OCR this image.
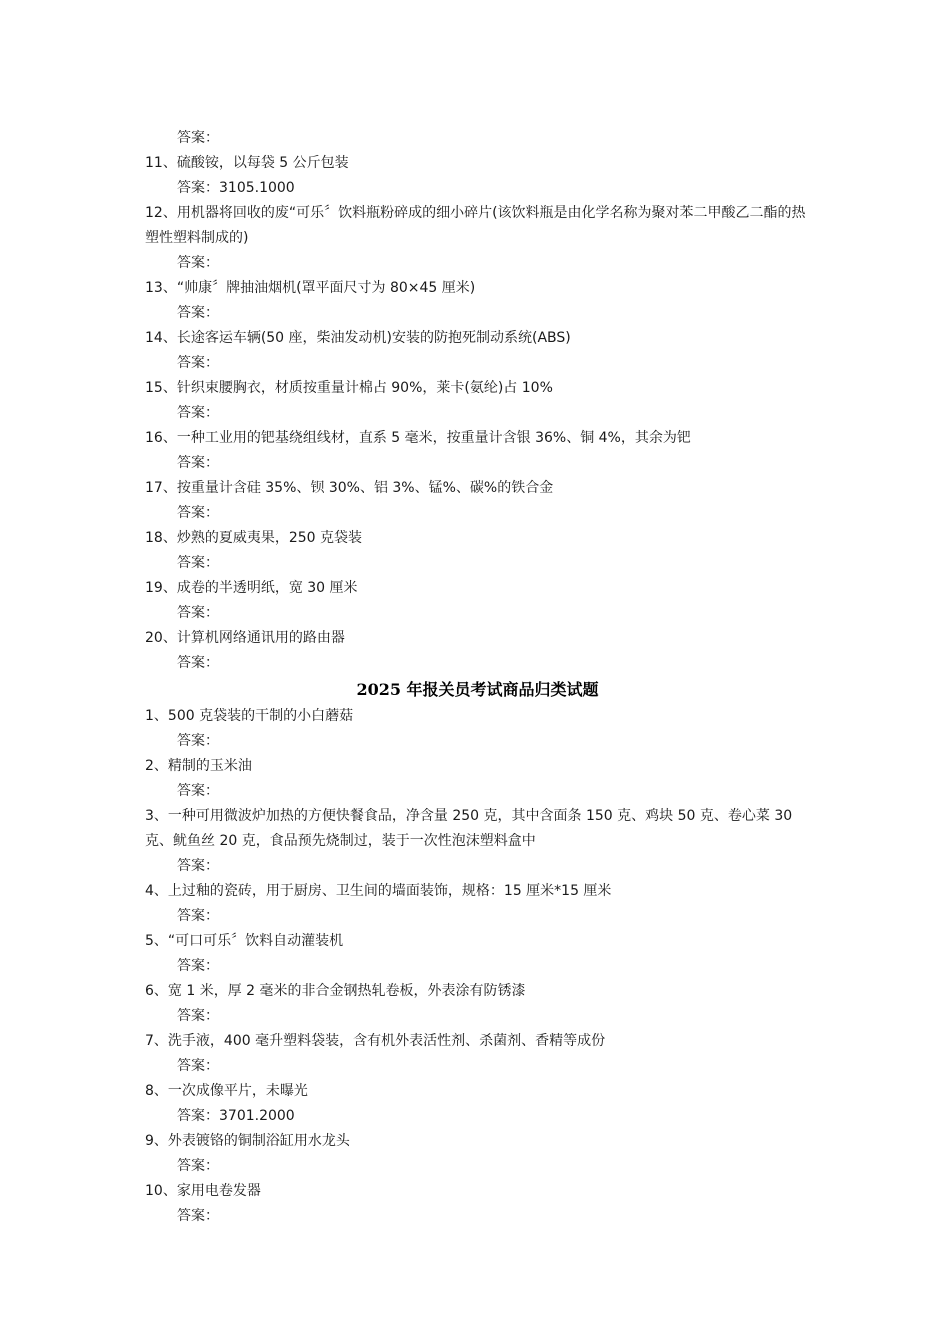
答案：
11、硫酸铵，以每袋 5 公斤包装
答案：3105.1000
12、用机器将回收的废“可乐〞饮料瓶粉碎成的细小碎片(该饮料瓶是由化学名称为聚对苯二甲酸乙二酯的热塑性塑料制成的)
答案：
13、“帅康〞牌抽油烟机(罩平面尺寸为 80×45 厘米)
答案：
14、长途客运车辆(50 座，柴油发动机)安装的防抱死制动系统(ABS)
答案：
15、针织束腰胸衣，材质按重量计棉占 90%，莱卡(氨纶)占 10%
答案：
16、一种工业用的钯基绕组线材，直系 5 毫米，按重量计含银 36%、铜 4%，其余为钯
答案：
17、按重量计含硅 35%、钡 30%、铝 3%、锰%、碳%的铁合金
答案：
18、炒熟的夏威夷果，250 克袋装
答案：
19、成卷的半透明纸，宽 30 厘米
答案：
20、计算机网络通讯用的路由器
答案：
2025 年报关员考试商品归类试题
1、500 克袋装的干制的小白蘑菇
答案：
2、精制的玉米油
答案：
3、一种可用微波炉加热的方便快餐食品，净含量 250 克，其中含面条 150 克、鸡块 50 克、卷心菜 30 克、鱿鱼丝 20 克，食品预先烧制过，装于一次性泡沫塑料盒中
答案：
4、上过釉的瓷砖，用于厨房、卫生间的墙面装饰，规格：15 厘米*15 厘米
答案：
5、“可口可乐〞饮料自动灌装机
答案：
6、宽 1 米，厚 2 毫米的非合金钢热轧卷板，外表涂有防锈漆
答案：
7、洗手液，400 毫升塑料袋装，含有机外表活性剂、杀菌剂、香精等成份
答案：
8、一次成像平片，未曝光
答案：3701.2000
9、外表镀铬的铜制浴缸用水龙头
答案：
10、家用电卷发器
答案：
